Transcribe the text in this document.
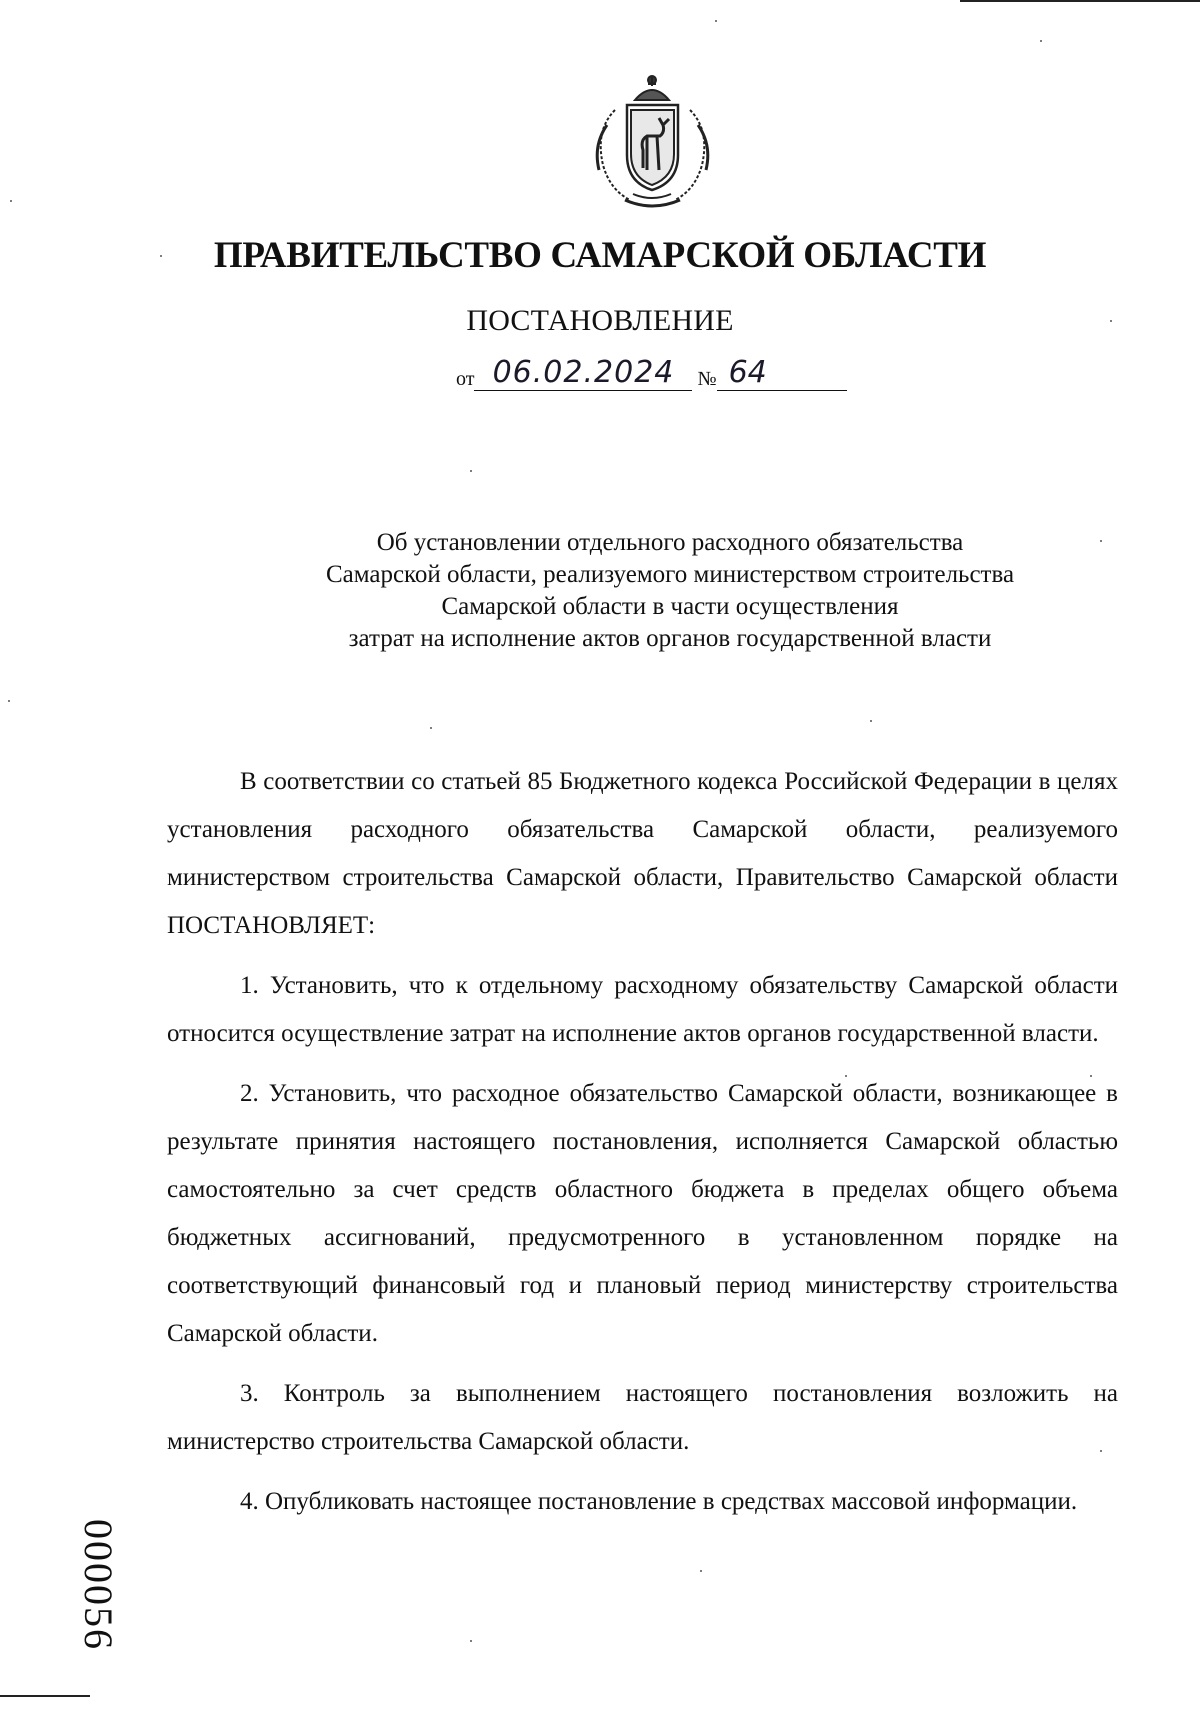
ПРАВИТЕЛЬСТВО САМАРСКОЙ ОБЛАСТИ
ПОСТАНОВЛЕНИЕ
от 06.02.2024 № 64
Об установлении отдельного расходного обязательства
Самарской области, реализуемого министерством строительства
Самарской области в части осуществления
затрат на исполнение актов органов государственной власти

В соответствии со статьей 85 Бюджетного кодекса Российской Федерации в целях установления расходного обязательства Самарской области, реализуемого министерством строительства Самарской области, Правительство Самарской области ПОСТАНОВЛЯЕТ:

1. Установить, что к отдельному расходному обязательству Самарской области относится осуществление затрат на исполнение актов органов государственной власти.

2. Установить, что расходное обязательство Самарской области, возникающее в результате принятия настоящего постановления, исполняется Самарской областью самостоятельно за счет средств областного бюджета в пределах общего объема бюджетных ассигнований, предусмотренного в установленном порядке на соответствующий финансовый год и плановый период министерству строительства Самарской области.

3. Контроль за выполнением настоящего постановления возложить на министерство строительства Самарской области.

4. Опубликовать настоящее постановление в средствах массовой информации.

000056
